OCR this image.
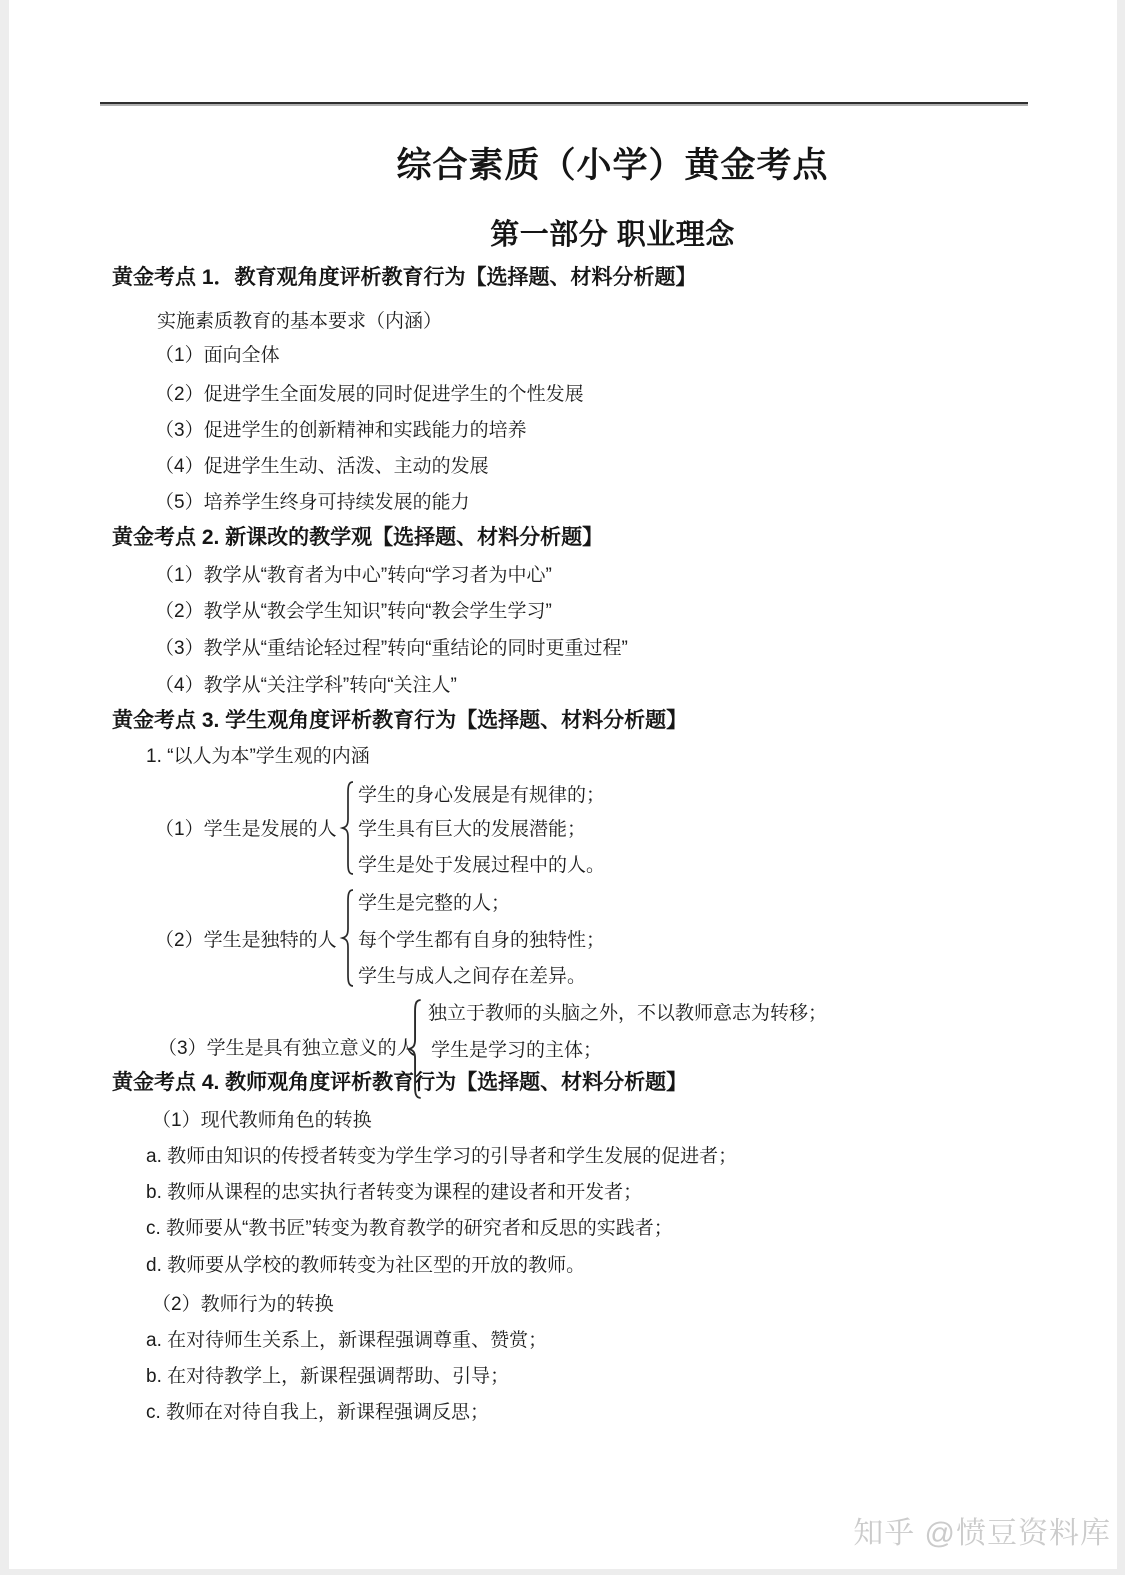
综合素质（小学）黄金考点
第一部分 职业理念
黄金考点 1．教育观角度评析教育行为【选择题、材料分析题】
实施素质教育的基本要求（内涵）
（1）面向全体
（2）促进学生全面发展的同时促进学生的个性发展
（3）促进学生的创新精神和实践能力的培养
（4）促进学生生动、活泼、主动的发展
（5）培养学生终身可持续发展的能力
黄金考点 2. 新课改的教学观【选择题、材料分析题】
（1）教学从“教育者为中心”转向“学习者为中心”
（2）教学从“教会学生知识”转向“教会学生学习”
（3）教学从“重结论轻过程”转向“重结论的同时更重过程”
（4）教学从“关注学科”转向“关注人”
黄金考点 3. 学生观角度评析教育行为【选择题、材料分析题】
1. “以人为本”学生观的内涵
（1）学生是发展的人
学生的身心发展是有规律的；
学生具有巨大的发展潜能；
学生是处于发展过程中的人。
（2）学生是独特的人
学生是完整的人；
每个学生都有自身的独特性；
学生与成人之间存在差异。
（3）学生是具有独立意义的人
独立于教师的头脑之外，不以教师意志为转移；
学生是学习的主体；
黄金考点 4. 教师观角度评析教育行为【选择题、材料分析题】
（1）现代教师角色的转换
a. 教师由知识的传授者转变为学生学习的引导者和学生发展的促进者；
b. 教师从课程的忠实执行者转变为课程的建设者和开发者；
c. 教师要从“教书匠”转变为教育教学的研究者和反思的实践者；
d. 教师要从学校的教师转变为社区型的开放的教师。
（2）教师行为的转换
a. 在对待师生关系上，新课程强调尊重、赞赏；
b. 在对待教学上，新课程强调帮助、引导；
c. 教师在对待自我上，新课程强调反思；
知乎 @愤豆资料库
